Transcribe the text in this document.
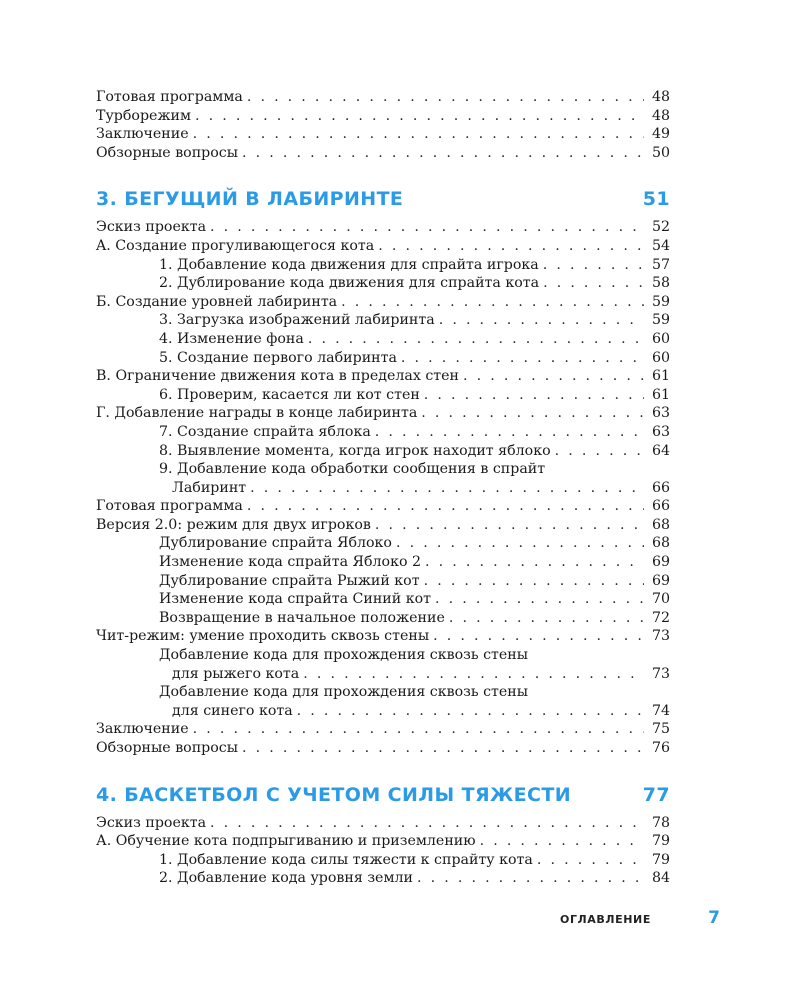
Готовая программа . . .	48
Турборежим . . .	48
Заключение . . .	49
Обзорные вопросы . . .	50
3. БЕГУЩИЙ В ЛАБИРИНТЕ	51
Эскиз проекта . . .	52
A. Создание прогуливающегося кота . . .	54
1. Добавление кода движения для спрайта игрока . . .	57
2. Дублирование кода движения для спрайта кота . . .	58
Б. Создание уровней лабиринта . . .	59
3. Загрузка изображений лабиринта . . .	59
4. Изменение фона . . .	60
5. Создание первого лабиринта . . .	60
В. Ограничение движения кота в пределах стен . . .	61
6. Проверим, касается ли кот стен . . .	61
Г. Добавление награды в конце лабиринта . . .	63
7. Создание спрайта яблока . . .	63
8. Выявление момента, когда игрок находит яблоко . . .	64
9. Добавление кода обработки сообщения в спрайт
Лабиринт . . .	66
Готовая программа . . .	66
Версия 2.0: режим для двух игроков . . .	68
Дублирование спрайта Яблоко . . .	68
Изменение кода спрайта Яблоко 2 . . .	69
Дублирование спрайта Рыжий кот . . .	69
Изменение кода спрайта Синий кот . . .	70
Возвращение в начальное положение . . .	72
Чит-режим: умение проходить сквозь стены . . .	73
Добавление кода для прохождения сквозь стены
для рыжего кота . . .	73
Добавление кода для прохождения сквозь стены
для синего кота . . .	74
Заключение . . .	75
Обзорные вопросы . . .	76
4. БАСКЕТБОЛ С УЧЕТОМ СИЛЫ ТЯЖЕСТИ	77
Эскиз проекта . . .	78
А. Обучение кота подпрыгиванию и приземлению . . .	79
1. Добавление кода силы тяжести к спрайту кота . . .	79
2. Добавление кода уровня земли . . .	84
ОГЛАВЛЕНИЕ	7
